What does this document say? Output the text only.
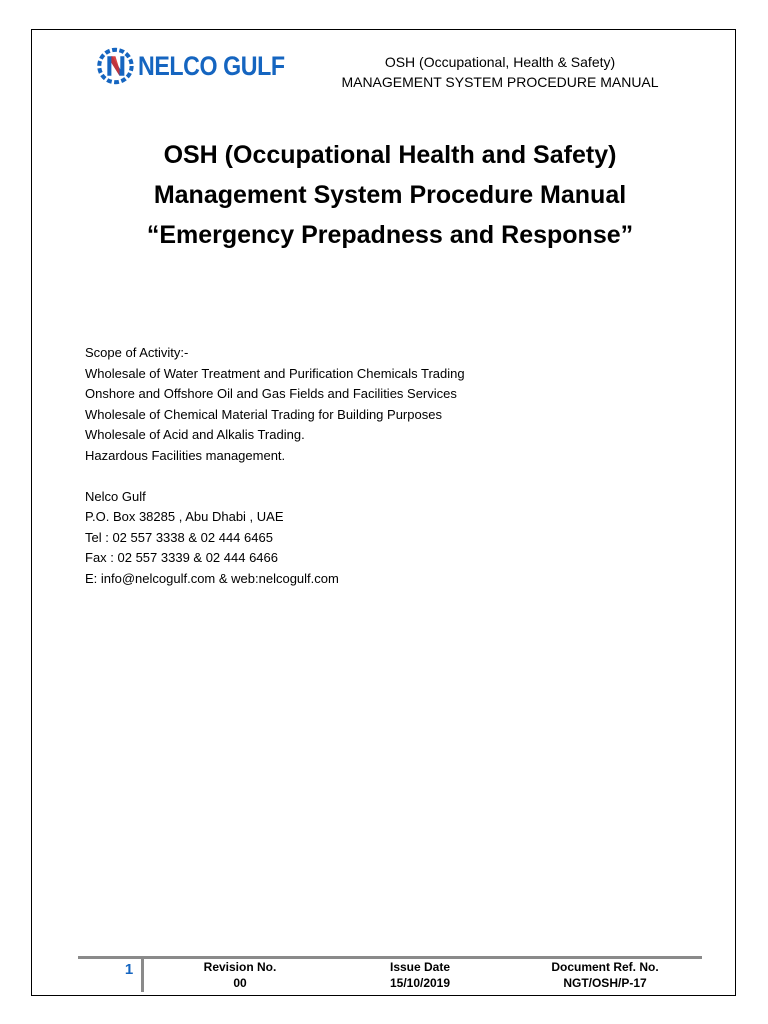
NELCO GULF	OSH (Occupational, Health & Safety)
MANAGEMENT SYSTEM PROCEDURE MANUAL
OSH (Occupational Health and Safety)
Management System Procedure Manual
“Emergency Prepadness and Response”
Scope of Activity:-
Wholesale of Water Treatment and Purification Chemicals Trading
Onshore and Offshore Oil and Gas Fields and Facilities Services
Wholesale of Chemical Material Trading for Building Purposes
Wholesale of Acid and Alkalis Trading.
Hazardous Facilities management.
Nelco Gulf
P.O. Box 38285 , Abu Dhabi , UAE
Tel : 02 557 3338 & 02 444 6465
Fax : 02 557 3339 & 02 444 6466
E: info@nelcogulf.com & web:nelcogulf.com
1	Revision No.
00
Issue Date
15/10/2019
Document Ref. No.
NGT/OSH/P-17
